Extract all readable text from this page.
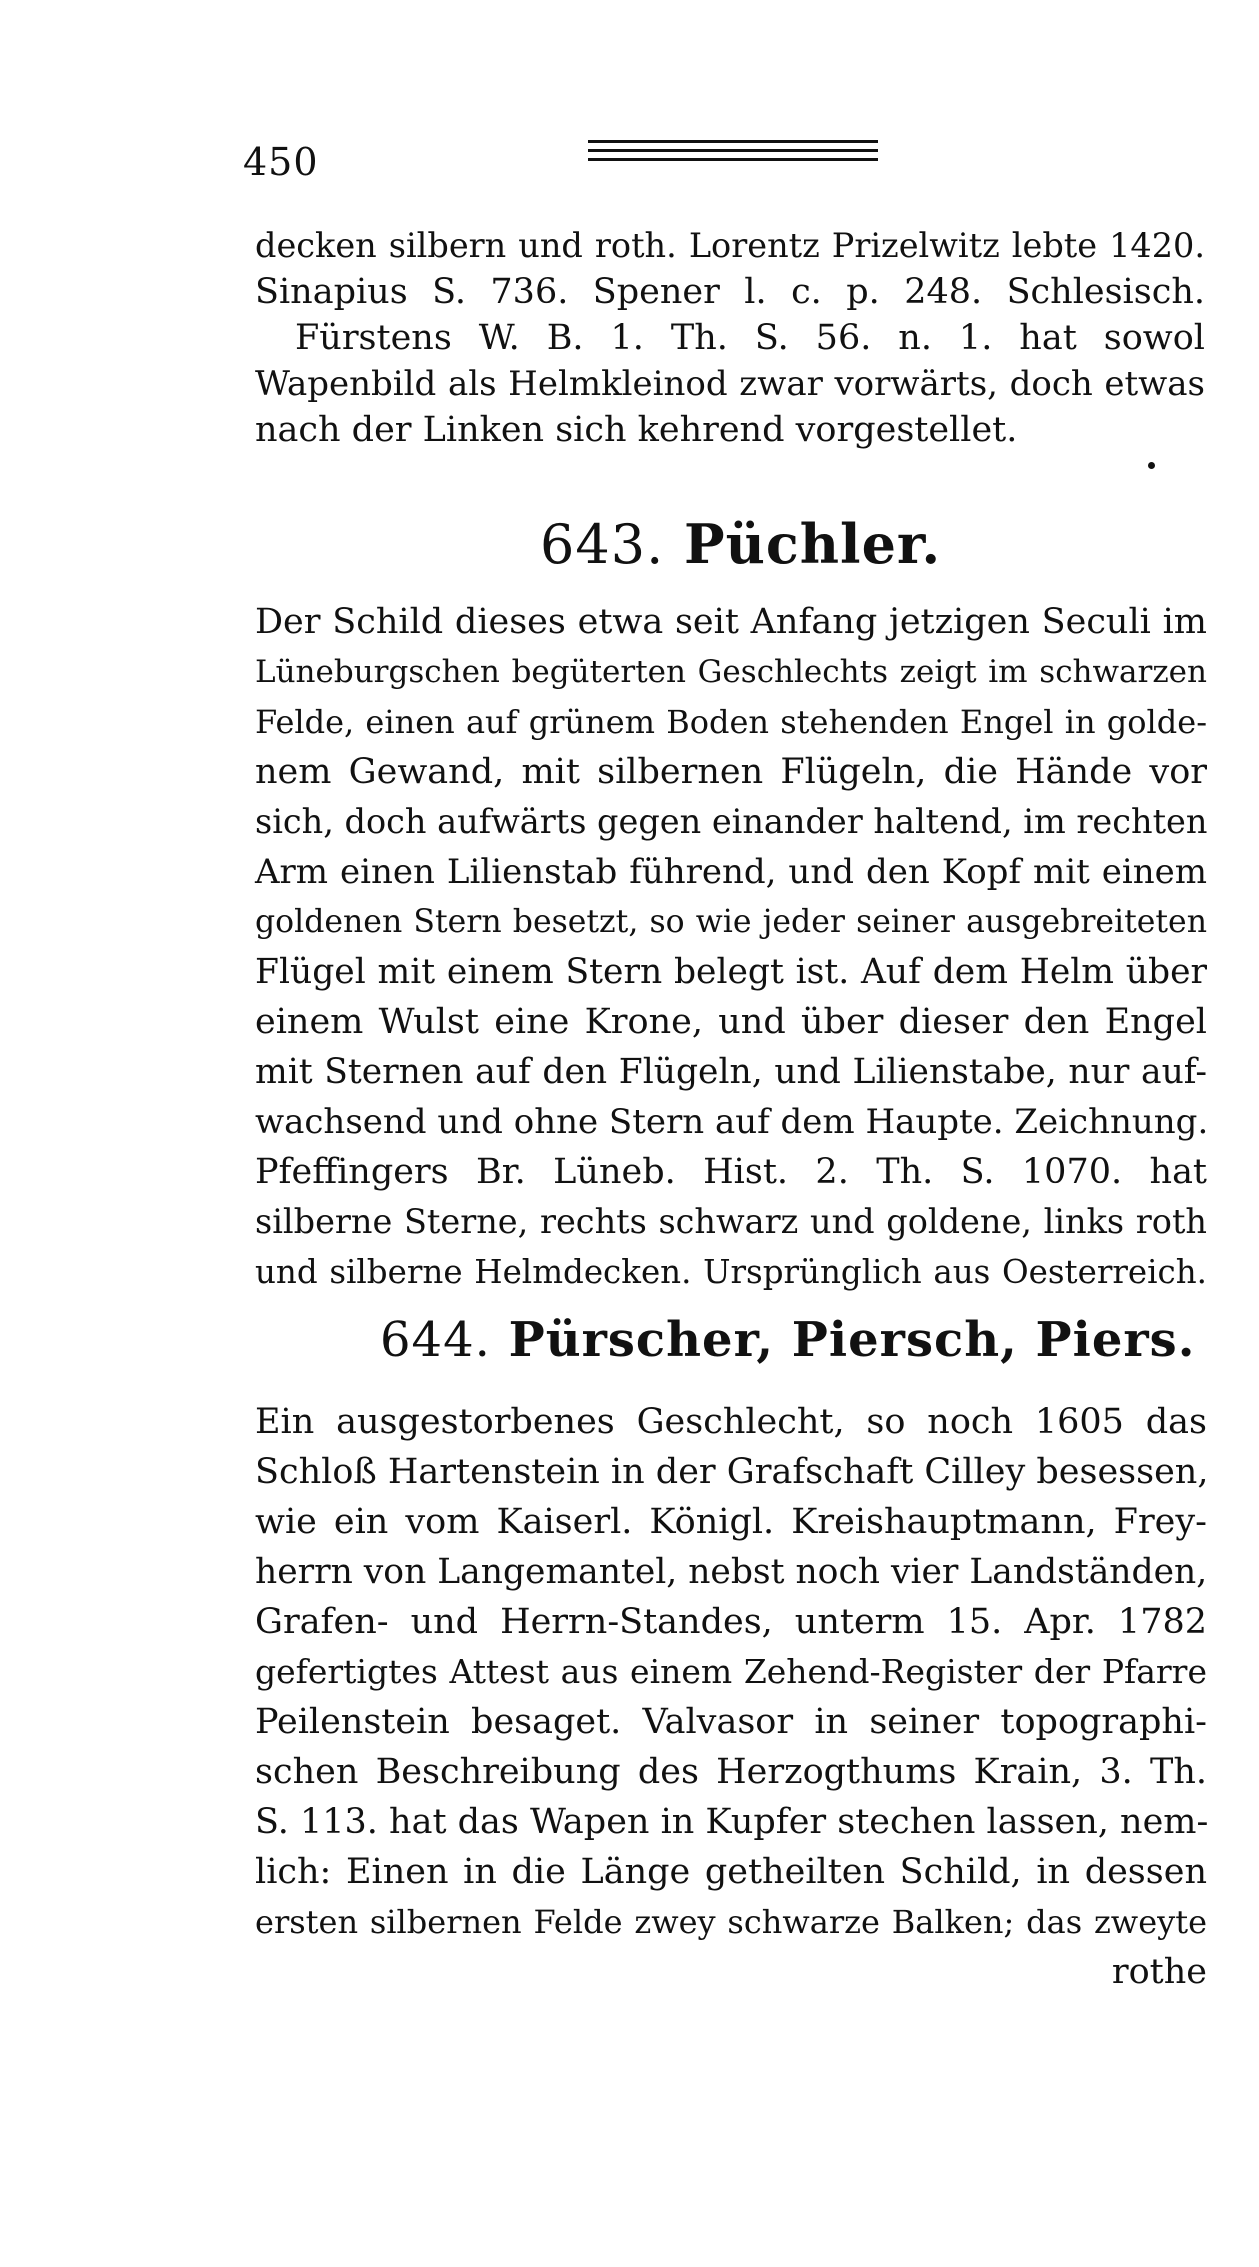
450
decken silbern und roth. Lorentz Prizelwitz lebte 1420.
Sinapius S. 736. Spener l. c. p. 248. Schlesisch.
Fürstens W. B. 1. Th. S. 56. n. 1. hat sowol
Wapenbild als Helmkleinod zwar vorwärts, doch etwas
nach der Linken sich kehrend vorgestellet.
643. Püchler.
Der Schild dieses etwa seit Anfang jetzigen Seculi im
Lüneburgschen begüterten Geschlechts zeigt im schwarzen
Felde, einen auf grünem Boden stehenden Engel in golde-
nem Gewand, mit silbernen Flügeln, die Hände vor
sich, doch aufwärts gegen einander haltend, im rechten
Arm einen Lilienstab führend, und den Kopf mit einem
goldenen Stern besetzt, so wie jeder seiner ausgebreiteten
Flügel mit einem Stern belegt ist. Auf dem Helm über
einem Wulst eine Krone, und über dieser den Engel
mit Sternen auf den Flügeln, und Lilienstabe, nur auf-
wachsend und ohne Stern auf dem Haupte. Zeichnung.
Pfeffingers Br. Lüneb. Hist. 2. Th. S. 1070. hat
silberne Sterne, rechts schwarz und goldene, links roth
und silberne Helmdecken. Ursprünglich aus Oesterreich.
644. Pürscher, Piersch, Piers.
Ein ausgestorbenes Geschlecht, so noch 1605 das
Schloß Hartenstein in der Grafschaft Cilley besessen,
wie ein vom Kaiserl. Königl. Kreishauptmann, Frey-
herrn von Langemantel, nebst noch vier Landständen,
Grafen- und Herrn-Standes, unterm 15. Apr. 1782
gefertigtes Attest aus einem Zehend-Register der Pfarre
Peilenstein besaget. Valvasor in seiner topographi-
schen Beschreibung des Herzogthums Krain, 3. Th.
S. 113. hat das Wapen in Kupfer stechen lassen, nem-
lich: Einen in die Länge getheilten Schild, in dessen
ersten silbernen Felde zwey schwarze Balken; das zweyte
rothe
